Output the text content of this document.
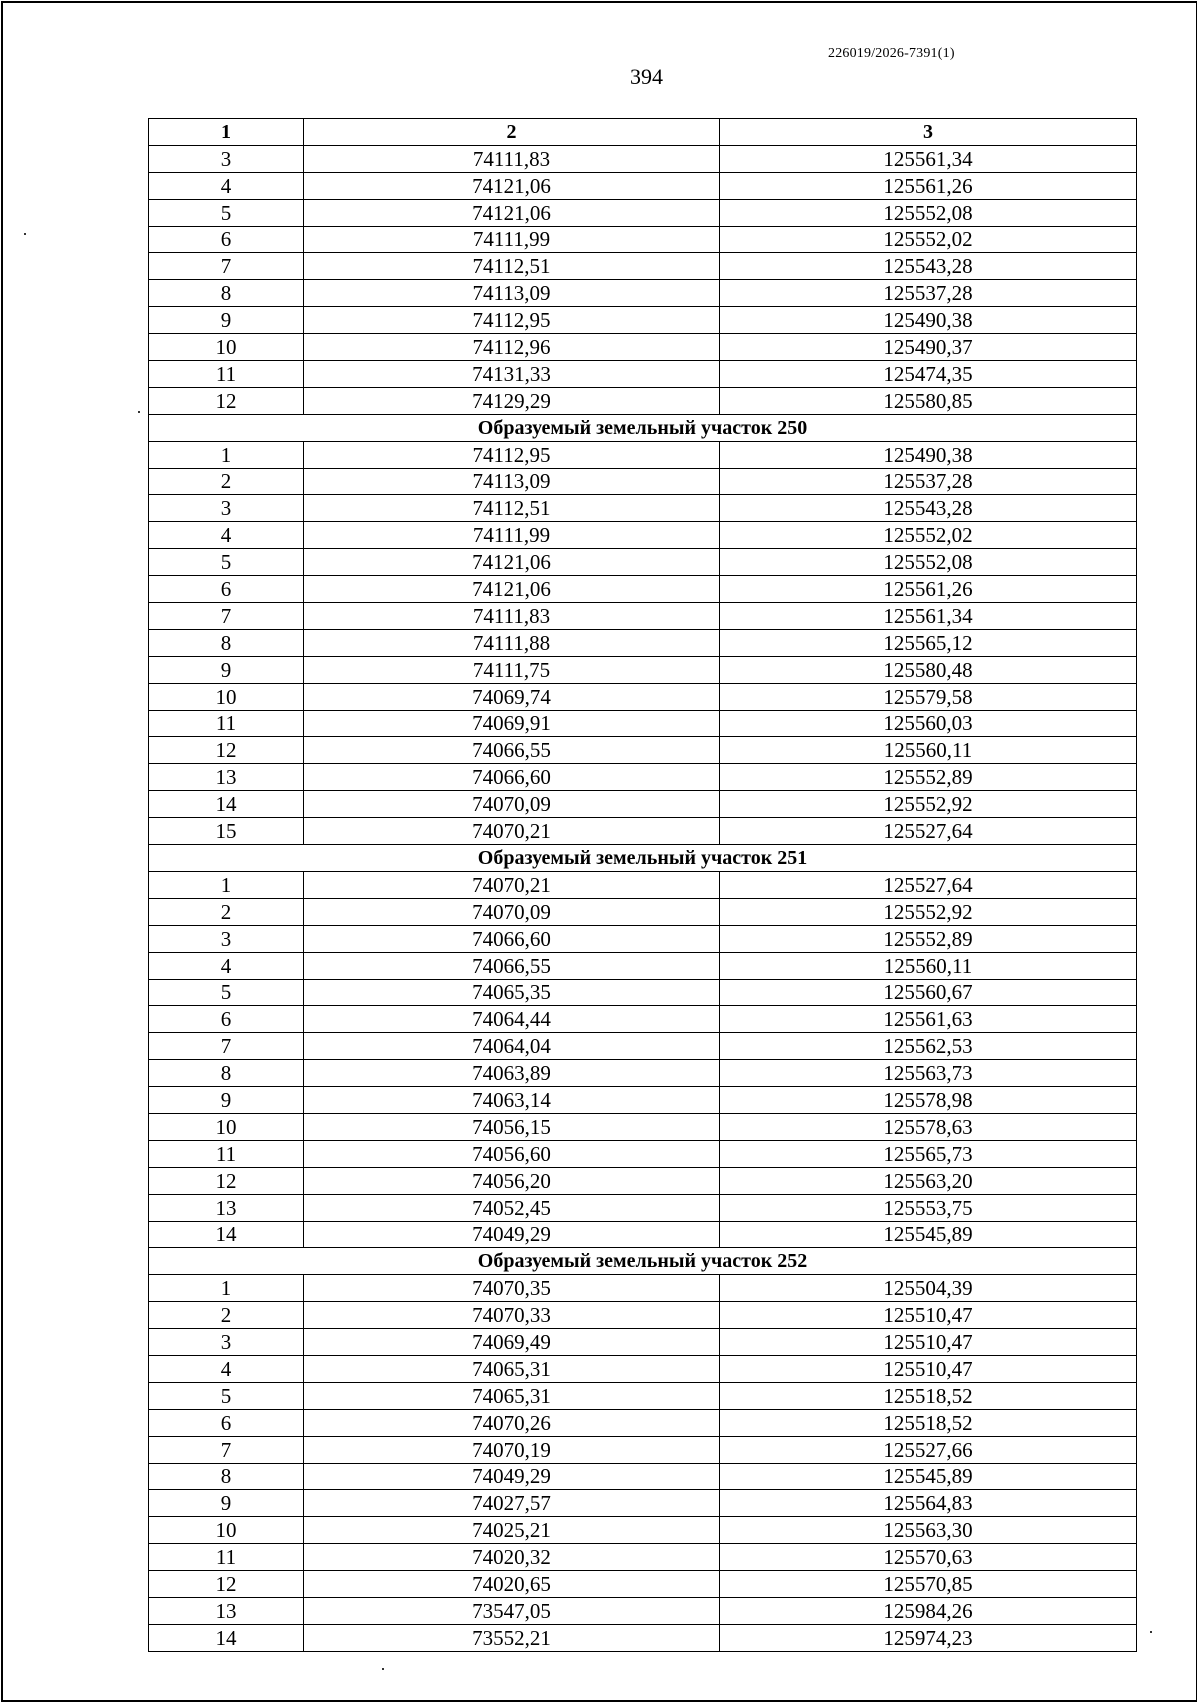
226019/2026-7391(1)
394
1	2	3
3	74111,83	125561,34
4	74121,06	125561,26
5	74121,06	125552,08
6	74111,99	125552,02
7	74112,51	125543,28
8	74113,09	125537,28
9	74112,95	125490,38
10	74112,96	125490,37
11	74131,33	125474,35
12	74129,29	125580,85
Образуемый земельный участок 250		
1	74112,95	125490,38
2	74113,09	125537,28
3	74112,51	125543,28
4	74111,99	125552,02
5	74121,06	125552,08
6	74121,06	125561,26
7	74111,83	125561,34
8	74111,88	125565,12
9	74111,75	125580,48
10	74069,74	125579,58
11	74069,91	125560,03
12	74066,55	125560,11
13	74066,60	125552,89
14	74070,09	125552,92
15	74070,21	125527,64
Образуемый земельный участок 251		
1	74070,21	125527,64
2	74070,09	125552,92
3	74066,60	125552,89
4	74066,55	125560,11
5	74065,35	125560,67
6	74064,44	125561,63
7	74064,04	125562,53
8	74063,89	125563,73
9	74063,14	125578,98
10	74056,15	125578,63
11	74056,60	125565,73
12	74056,20	125563,20
13	74052,45	125553,75
14	74049,29	125545,89
Образуемый земельный участок 252		
1	74070,35	125504,39
2	74070,33	125510,47
3	74069,49	125510,47
4	74065,31	125510,47
5	74065,31	125518,52
6	74070,26	125518,52
7	74070,19	125527,66
8	74049,29	125545,89
9	74027,57	125564,83
10	74025,21	125563,30
11	74020,32	125570,63
12	74020,65	125570,85
13	73547,05	125984,26
14	73552,21	125974,23
